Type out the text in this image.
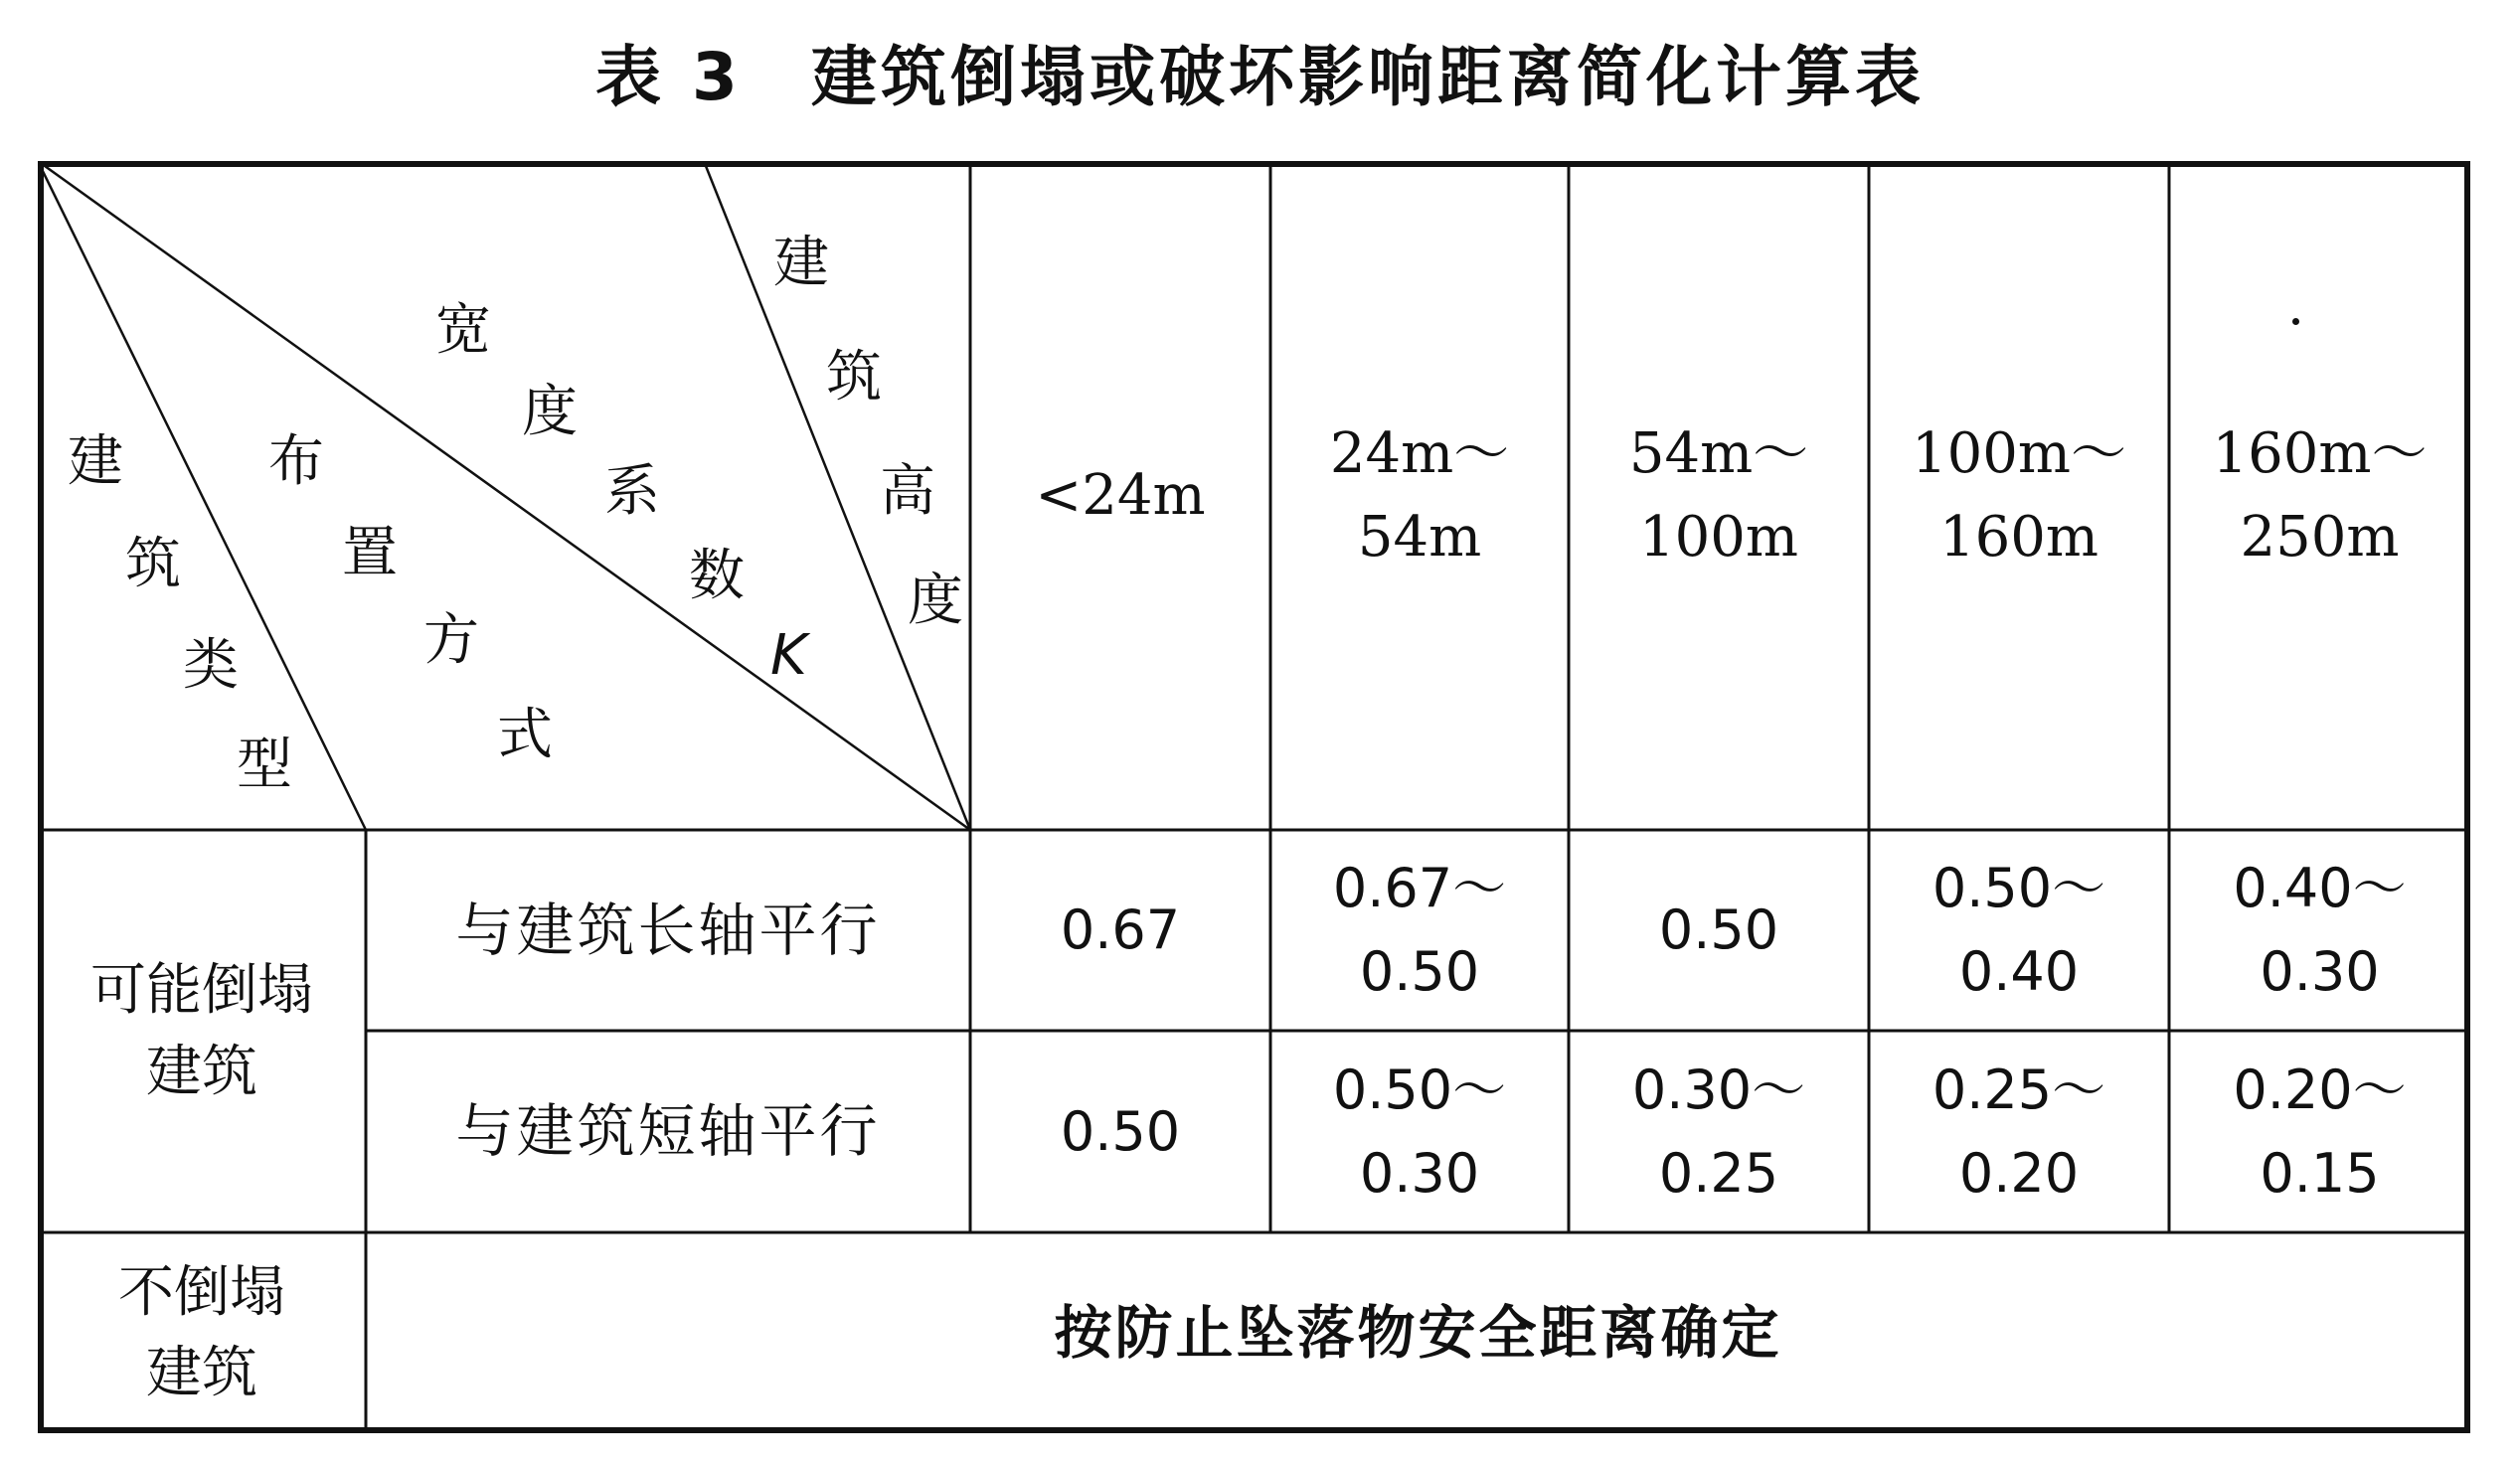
表 3 建筑倒塌或破坏影响距离简化计算表
建
筑
类
型
布
置
方
式
宽
度
系
数
K
建
筑
高
度
<24m
24m～
54m
54m～
100m
100m～
160m
160m～
250m
可能倒塌
建筑
与建筑长轴平行	0.67
0.67～
0.50
0.50
0.50～
0.40
0.40～
0.30
与建筑短轴平行	0.50
0.50～
0.30
0.30～
0.25
0.25～
0.20
0.20～
0.15
不倒塌
建筑
按防止坠落物安全距离确定
